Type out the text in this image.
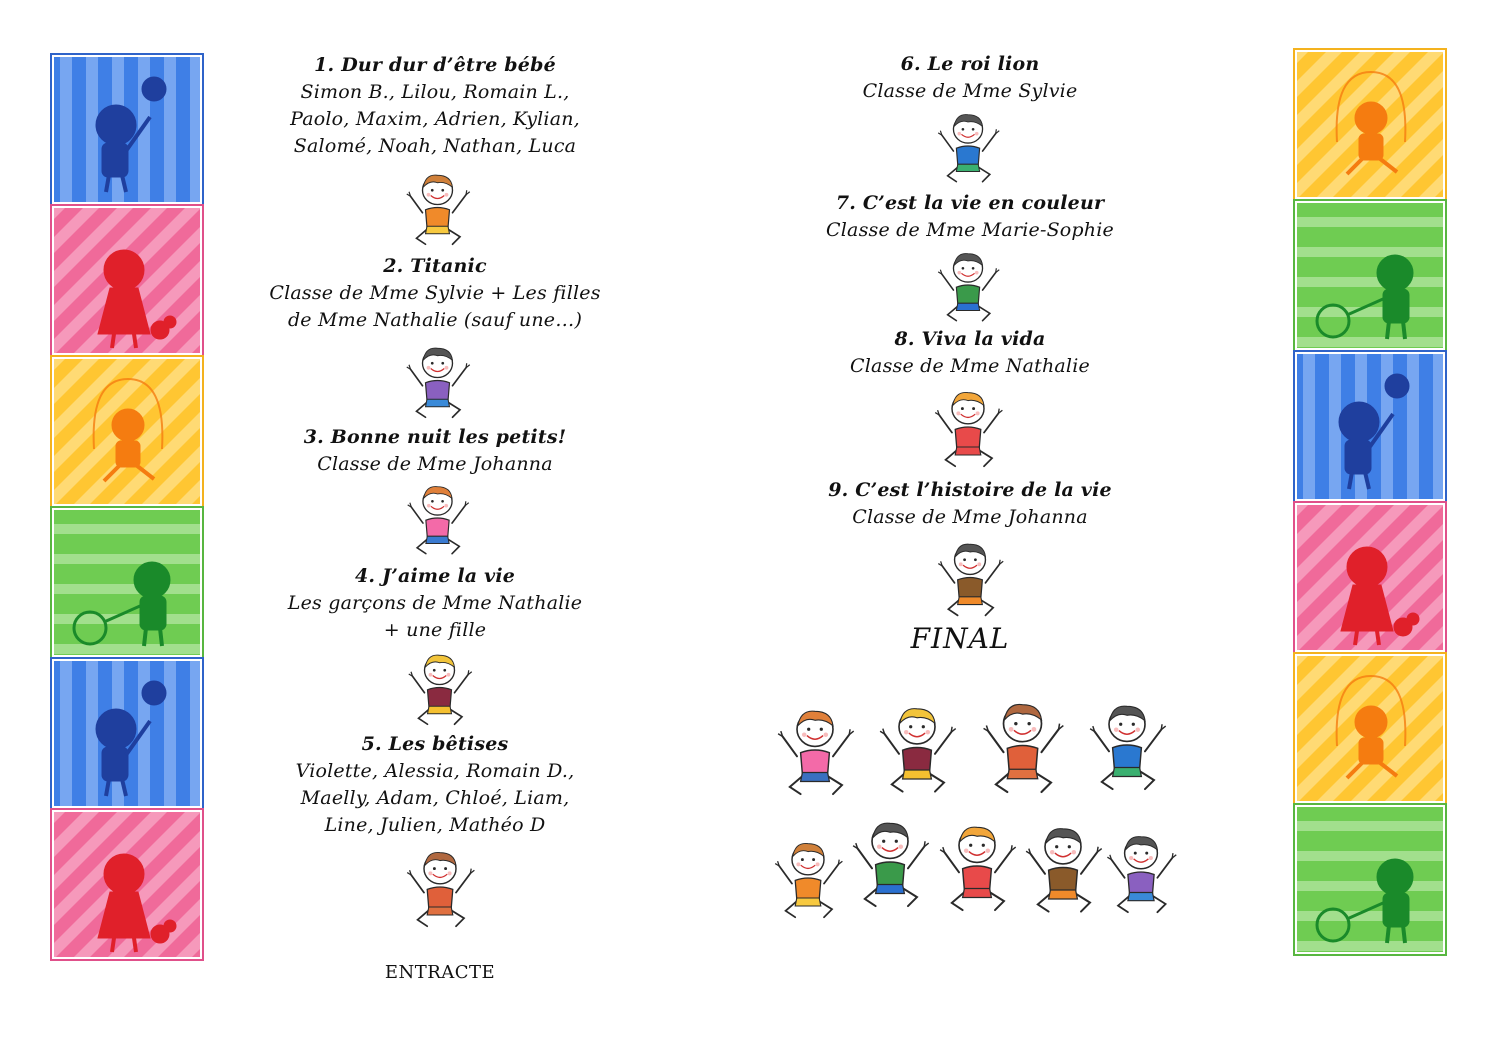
1. Dur dur d’être bébé
Simon B., Lilou, Romain L.,
Paolo, Maxim, Adrien, Kylian,
Salomé, Noah, Nathan, Luca
2. Titanic
Classe de Mme Sylvie + Les filles
de Mme Nathalie (sauf une…)
3. Bonne nuit les petits!
Classe de Mme Johanna
4. J’aime la vie
Les garçons de Mme Nathalie
+ une fille
5. Les bêtises
Violette, Alessia, Romain D.,
Maelly, Adam, Chloé, Liam,
Line, Julien, Mathéo D
ENTRACTE
6. Le roi lion
Classe de Mme Sylvie
7. C’est la vie en couleur
Classe de Mme Marie-Sophie
8. Viva la vida
Classe de Mme Nathalie
9. C’est l’histoire de la vie
Classe de Mme Johanna
FINAL
